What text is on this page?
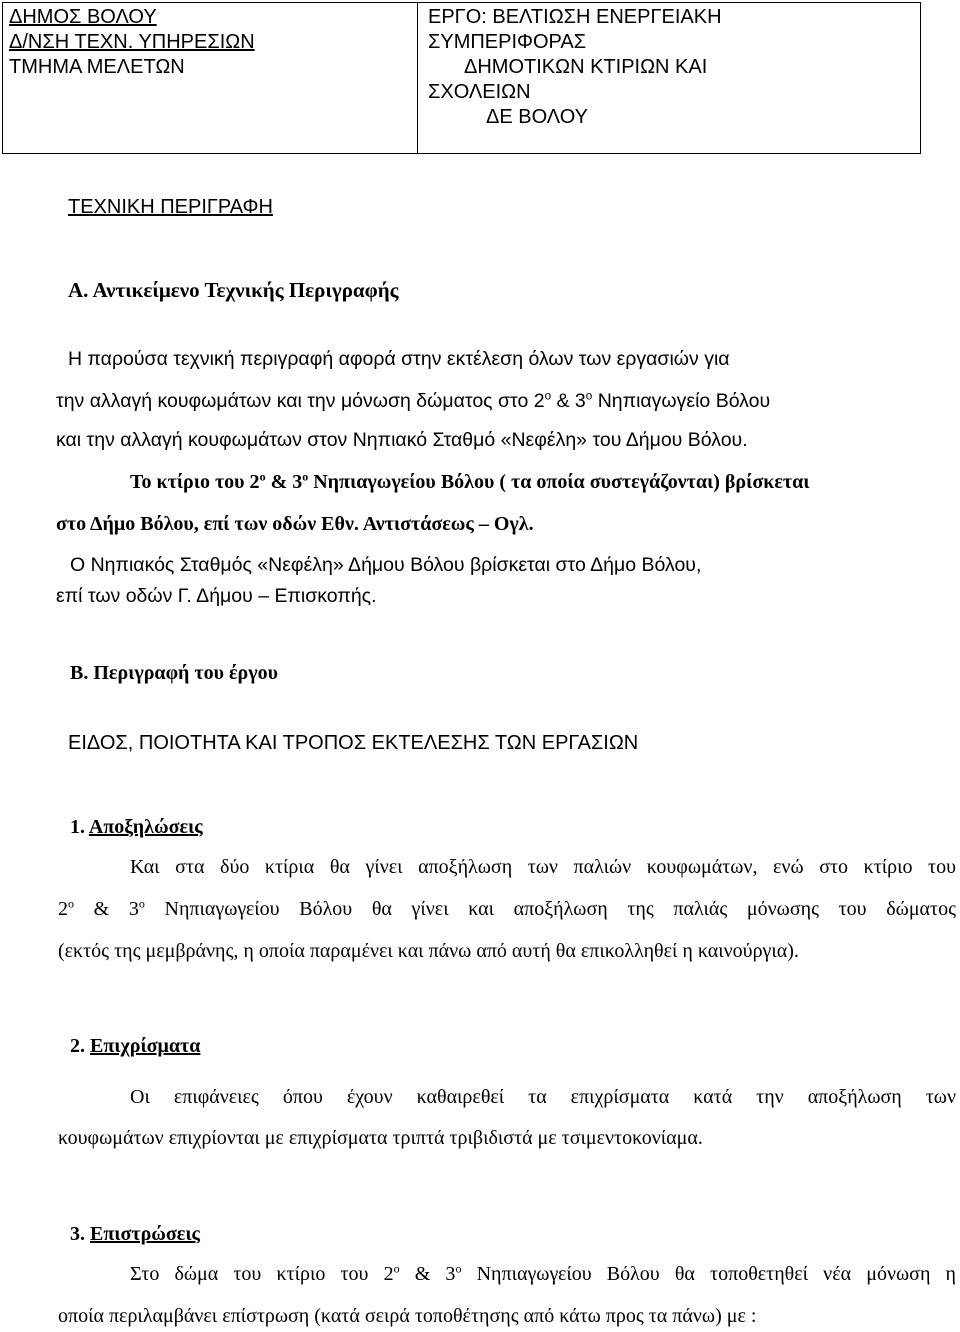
ΔΗΜΟΣ ΒΟΛΟΥ
Δ/ΝΣΗ ΤΕΧΝ. ΥΠΗΡΕΣΙΩΝ
ΤΜΗΜΑ ΜΕΛΕΤΩΝ
ΕΡΓΟ: ΒΕΛΤΙΩΣΗ ΕΝΕΡΓΕΙΑΚΗ
ΣΥΜΠΕΡΙΦΟΡΑΣ
ΔΗΜΟΤΙΚΩΝ ΚΤΙΡΙΩΝ ΚΑΙ
ΣΧΟΛΕΙΩΝ
ΔΕ ΒΟΛΟΥ
ΤΕΧΝΙΚΗ ΠΕΡΙΓΡΑΦΗ
Α. Αντικείμενο Τεχνικής Περιγραφής
Η παρούσα τεχνική περιγραφή αφορά στην εκτέλεση όλων των εργασιών για
την αλλαγή κουφωμάτων και την μόνωση δώματος στο $2^o$ & $3^o$ Νηπιαγωγείο Βόλου
και την αλλαγή κουφωμάτων στον Νηπιακό Σταθμό «Νεφέλη» του Δήμου Βόλου.
Το κτίριο του $2^o$ & $3^o$ Νηπιαγωγείου Βόλου ( τα οποία συστεγάζονται) βρίσκεται
στο Δήμο Βόλου, επί των οδών Εθν. Αντιστάσεως – Ογλ.
Ο Νηπιακός Σταθμός «Νεφέλη» Δήμου Βόλου βρίσκεται στο Δήμο Βόλου,
επί των οδών Γ. Δήμου – Επισκοπής.
Β. Περιγραφή του έργου
ΕΙΔΟΣ, ΠΟΙΟΤΗΤΑ ΚΑΙ ΤΡΟΠΟΣ ΕΚΤΕΛΕΣΗΣ ΤΩΝ ΕΡΓΑΣΙΩΝ
1. Αποξηλώσεις
Και στα δύο κτίρια θα γίνει αποξήλωση των παλιών κουφωμάτων, ενώ στο κτίριο του
$2^o$ & $3^o$ Νηπιαγωγείου Βόλου θα γίνει και αποξήλωση της παλιάς μόνωσης του δώματος
(εκτός της μεμβράνης, η οποία παραμένει και πάνω από αυτή θα επικολληθεί η καινούργια).
2. Επιχρίσματα
Οι επιφάνειες όπου έχουν καθαιρεθεί τα επιχρίσματα κατά την αποξήλωση των
κουφωμάτων επιχρίονται με επιχρίσματα τριπτά τριβιδιστά με τσιμεντοκονίαμα.
3. Επιστρώσεις
Στο δώμα του κτίριο του $2^o$ & $3^o$ Νηπιαγωγείου Βόλου θα τοποθετηθεί νέα μόνωση η
οποία περιλαμβάνει επίστρωση (κατά σειρά τοποθέτησης από κάτω προς τα πάνω) με :
